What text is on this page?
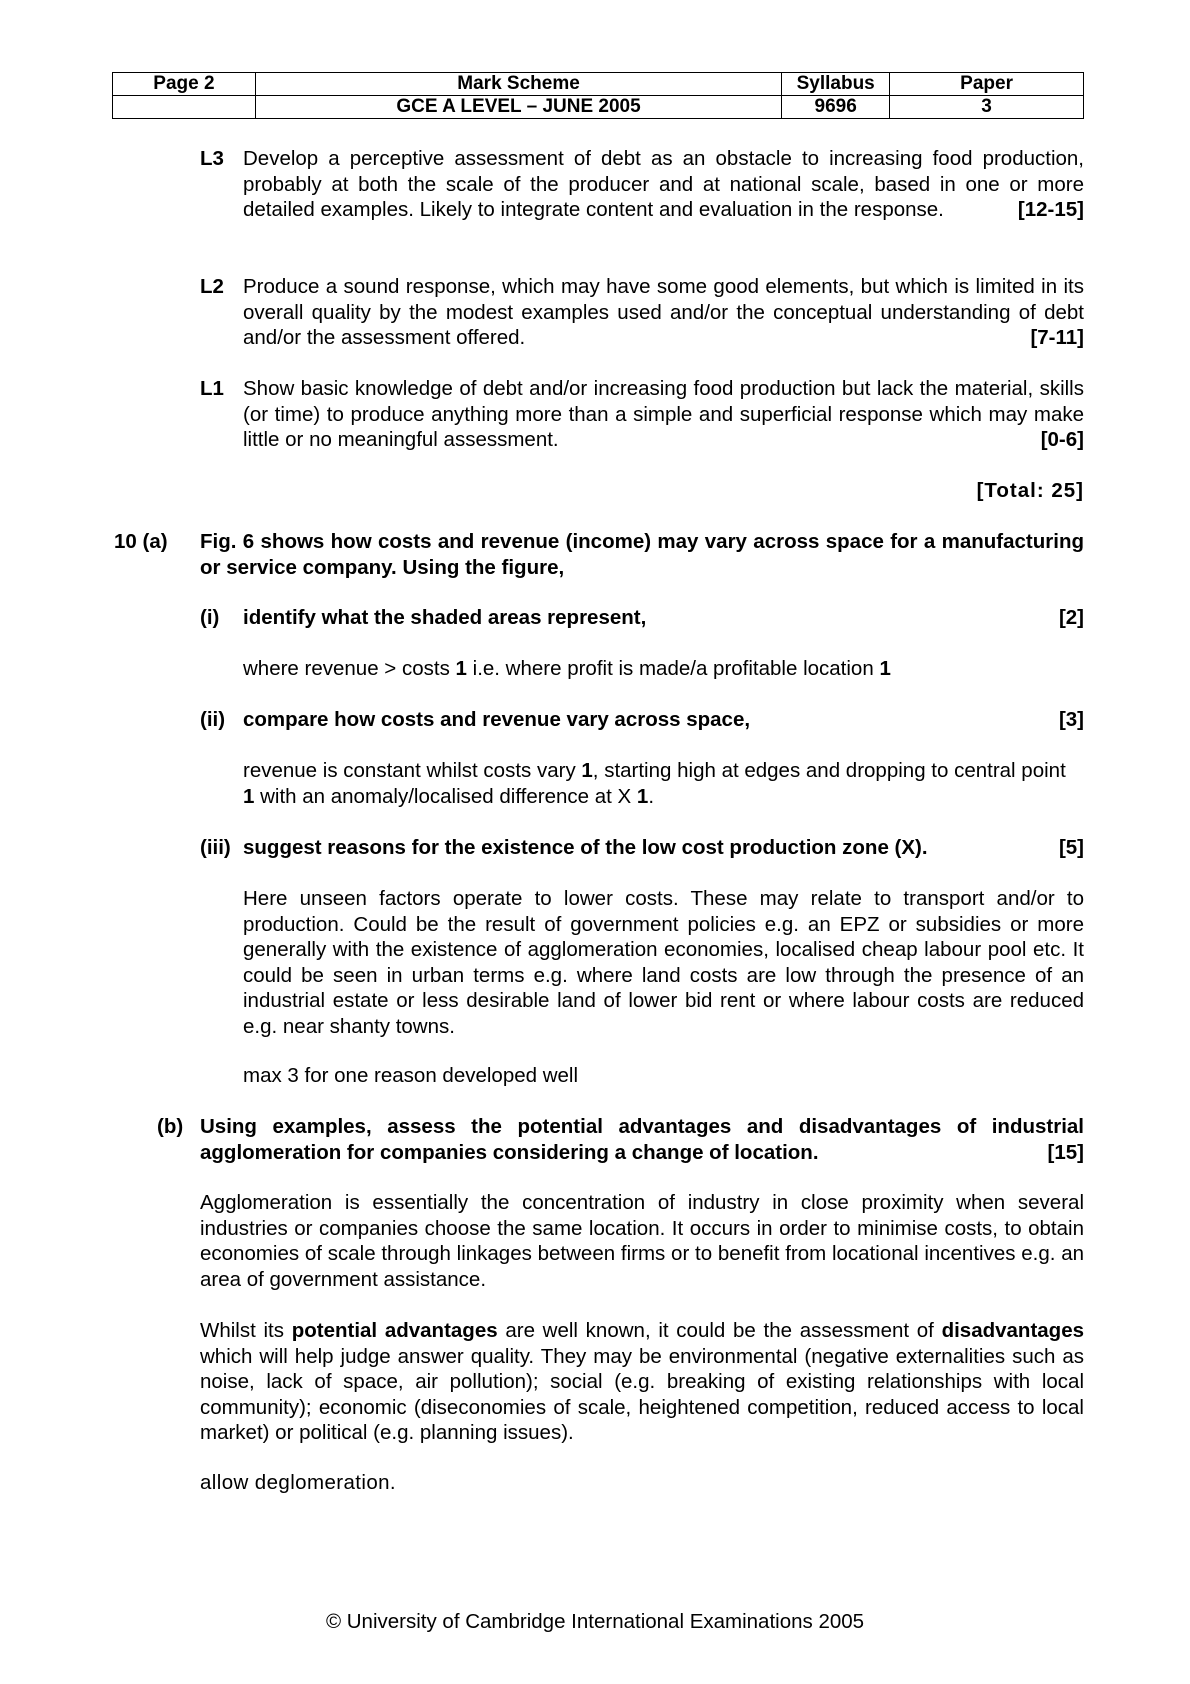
Page 2	Mark Scheme	Syllabus	Paper
	GCE A LEVEL – JUNE 2005	9696	3
L3 Develop a perceptive assessment of debt as an obstacle to increasing food production, probably at both the scale of the producer and at national scale, based in one or more detailed examples. Likely to integrate content and evaluation in the response.	[12-15]
L2 Produce a sound response, which may have some good elements, but which is limited in its overall quality by the modest examples used and/or the conceptual understanding of debt and/or the assessment offered.	[7-11]
L1 Show basic knowledge of debt and/or increasing food production but lack the material, skills (or time) to produce anything more than a simple and superficial response which may make little or no meaningful assessment.	[0-6]
[Total: 25]
10 (a) Fig. 6 shows how costs and revenue (income) may vary across space for a manufacturing or service company. Using the figure,
(i) identify what the shaded areas represent,	[2]
where revenue > costs 1 i.e. where profit is made/a profitable location 1
(ii) compare how costs and revenue vary across space,	[3]
revenue is constant whilst costs vary 1, starting high at edges and dropping to central point 1 with an anomaly/localised difference at X 1.
(iii) suggest reasons for the existence of the low cost production zone (X).	[5]
Here unseen factors operate to lower costs. These may relate to transport and/or to production. Could be the result of government policies e.g. an EPZ or subsidies or more generally with the existence of agglomeration economies, localised cheap labour pool etc. It could be seen in urban terms e.g. where land costs are low through the presence of an industrial estate or less desirable land of lower bid rent or where labour costs are reduced e.g. near shanty towns.
max 3 for one reason developed well
(b) Using examples, assess the potential advantages and disadvantages of industrial agglomeration for companies considering a change of location.	[15]
Agglomeration is essentially the concentration of industry in close proximity when several industries or companies choose the same location. It occurs in order to minimise costs, to obtain economies of scale through linkages between firms or to benefit from locational incentives e.g. an area of government assistance.
Whilst its potential advantages are well known, it could be the assessment of disadvantages which will help judge answer quality. They may be environmental (negative externalities such as noise, lack of space, air pollution); social (e.g. breaking of existing relationships with local community); economic (diseconomies of scale, heightened competition, reduced access to local market) or political (e.g. planning issues).
allow deglomeration.
© University of Cambridge International Examinations 2005
